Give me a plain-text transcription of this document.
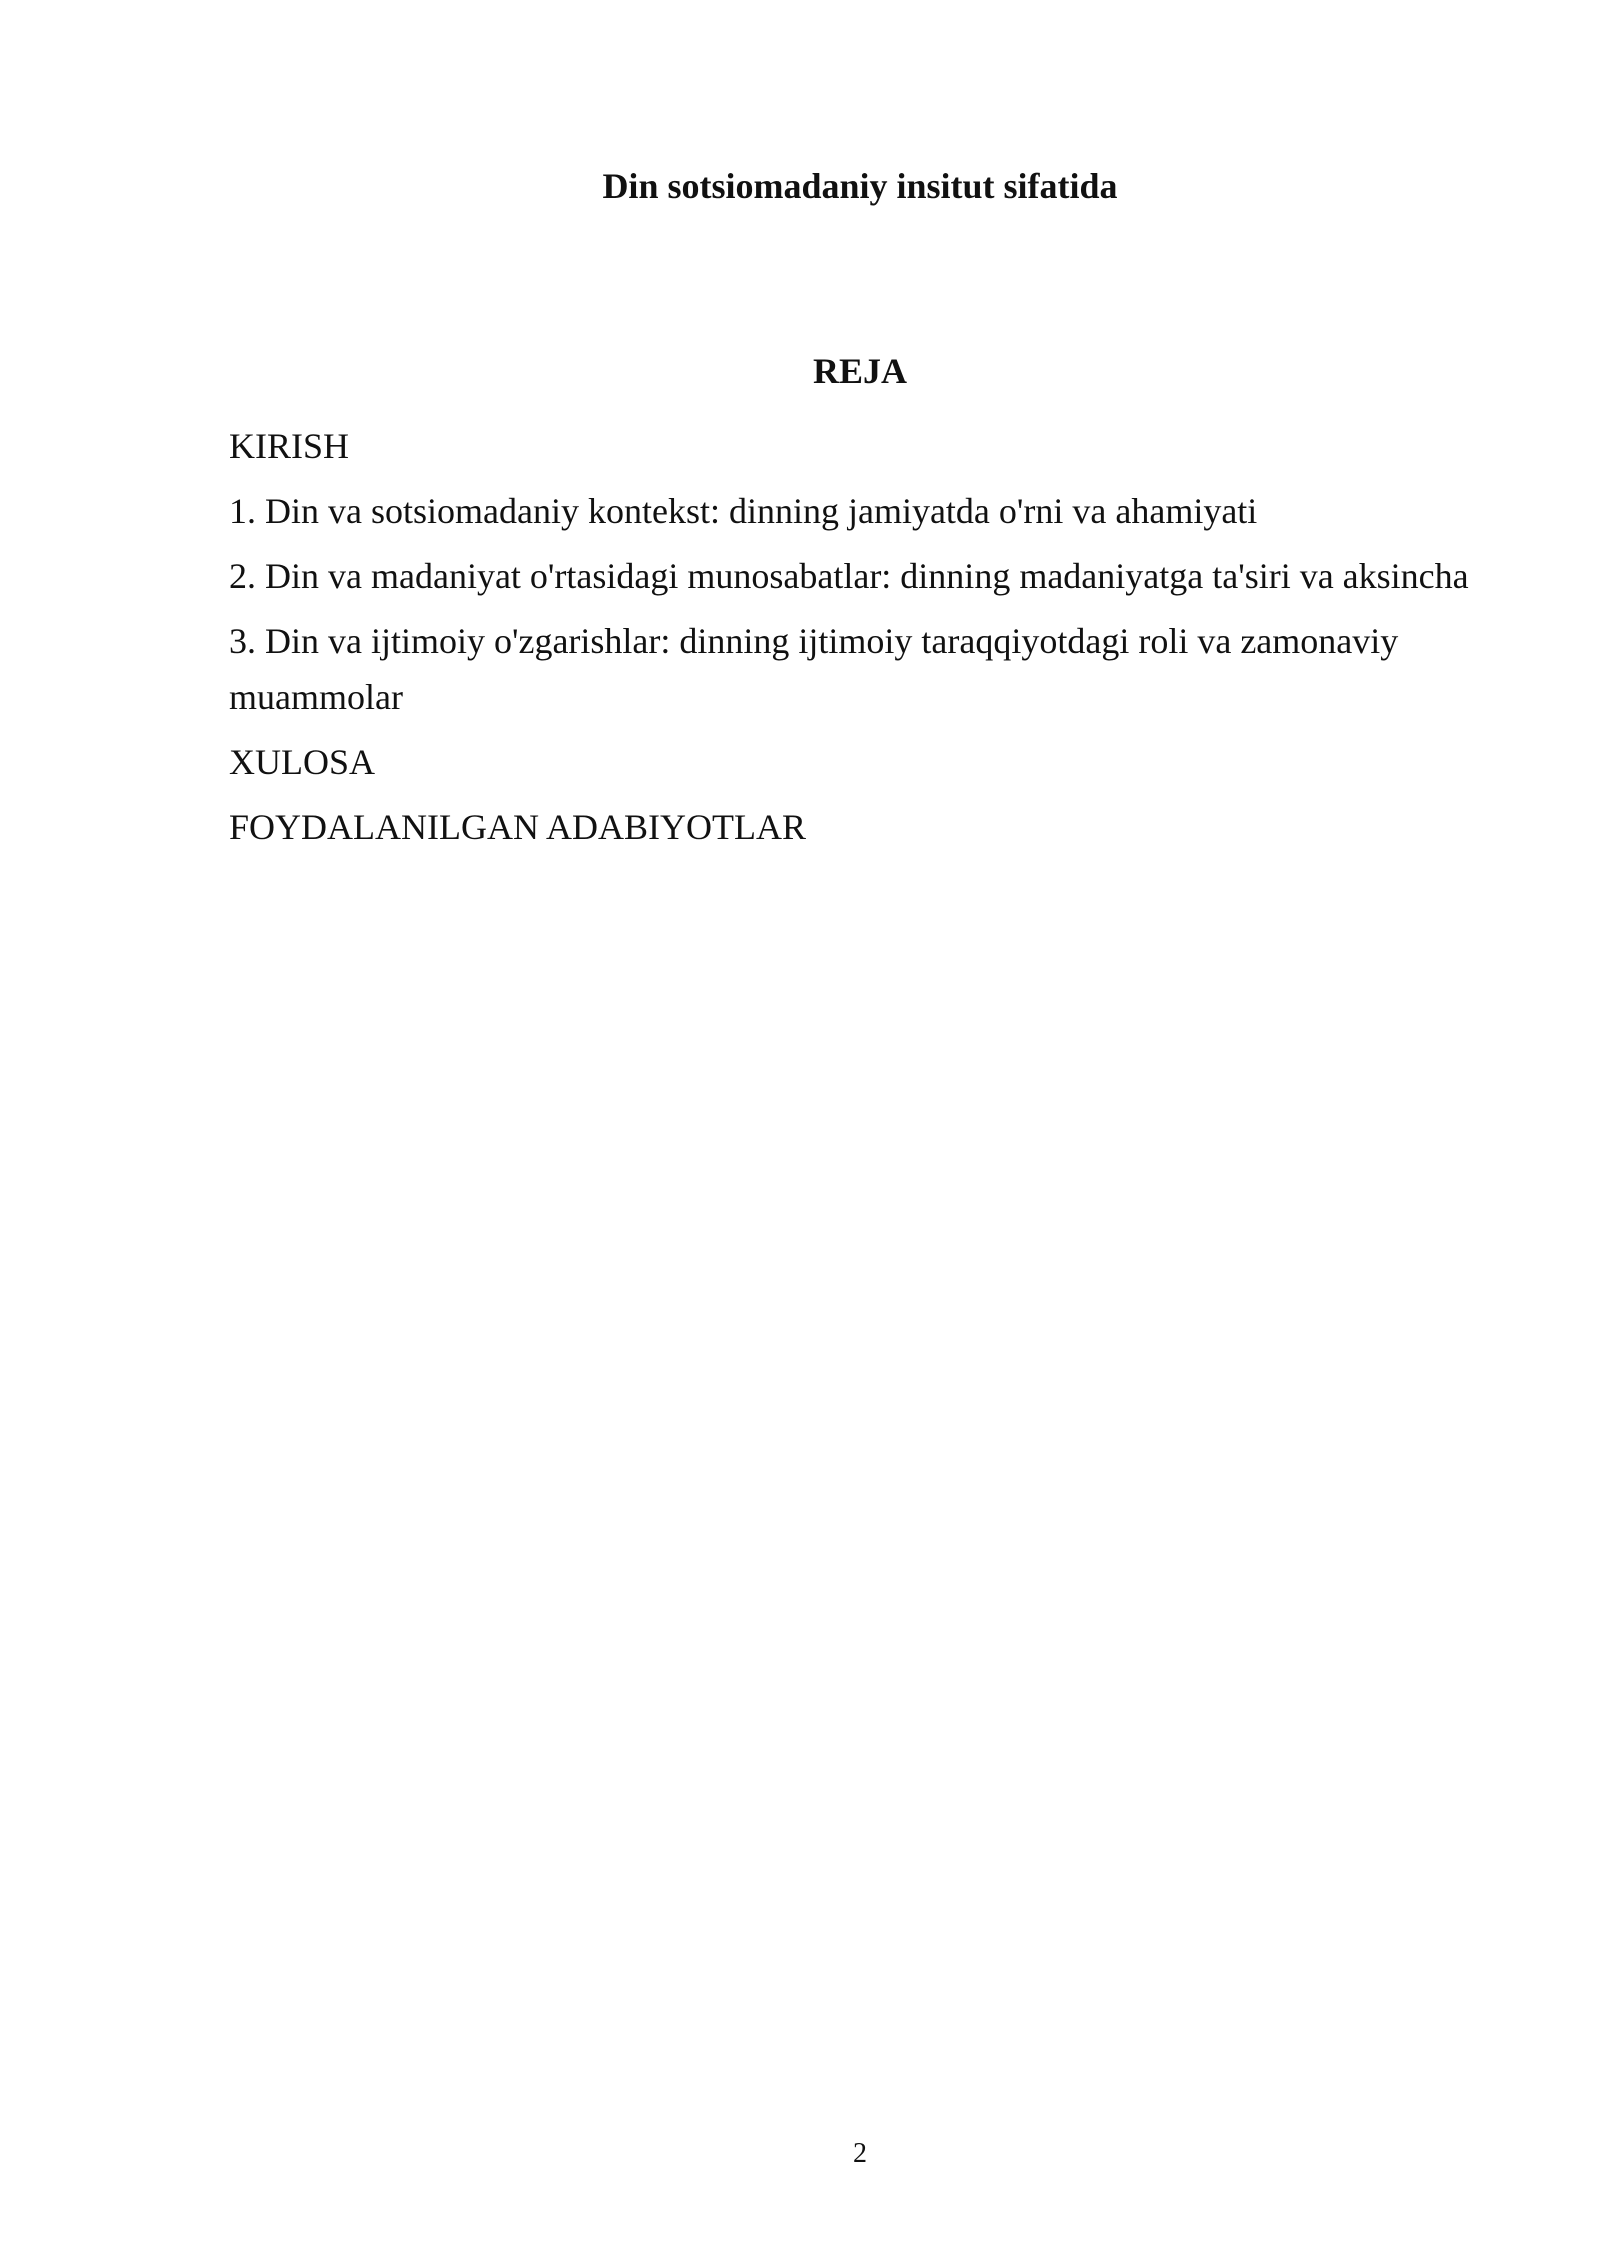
Din sotsiomadaniy insitut sifatida
REJA
KIRISH
1. Din va sotsiomadaniy kontekst: dinning jamiyatda o'rni va ahamiyati
2. Din va madaniyat o'rtasidagi munosabatlar: dinning madaniyatga ta'siri va aksincha
3. Din va ijtimoiy o'zgarishlar: dinning ijtimoiy taraqqiyotdagi roli va zamonaviy muammolar
XULOSA
FOYDALANILGAN ADABIYOTLAR
2
